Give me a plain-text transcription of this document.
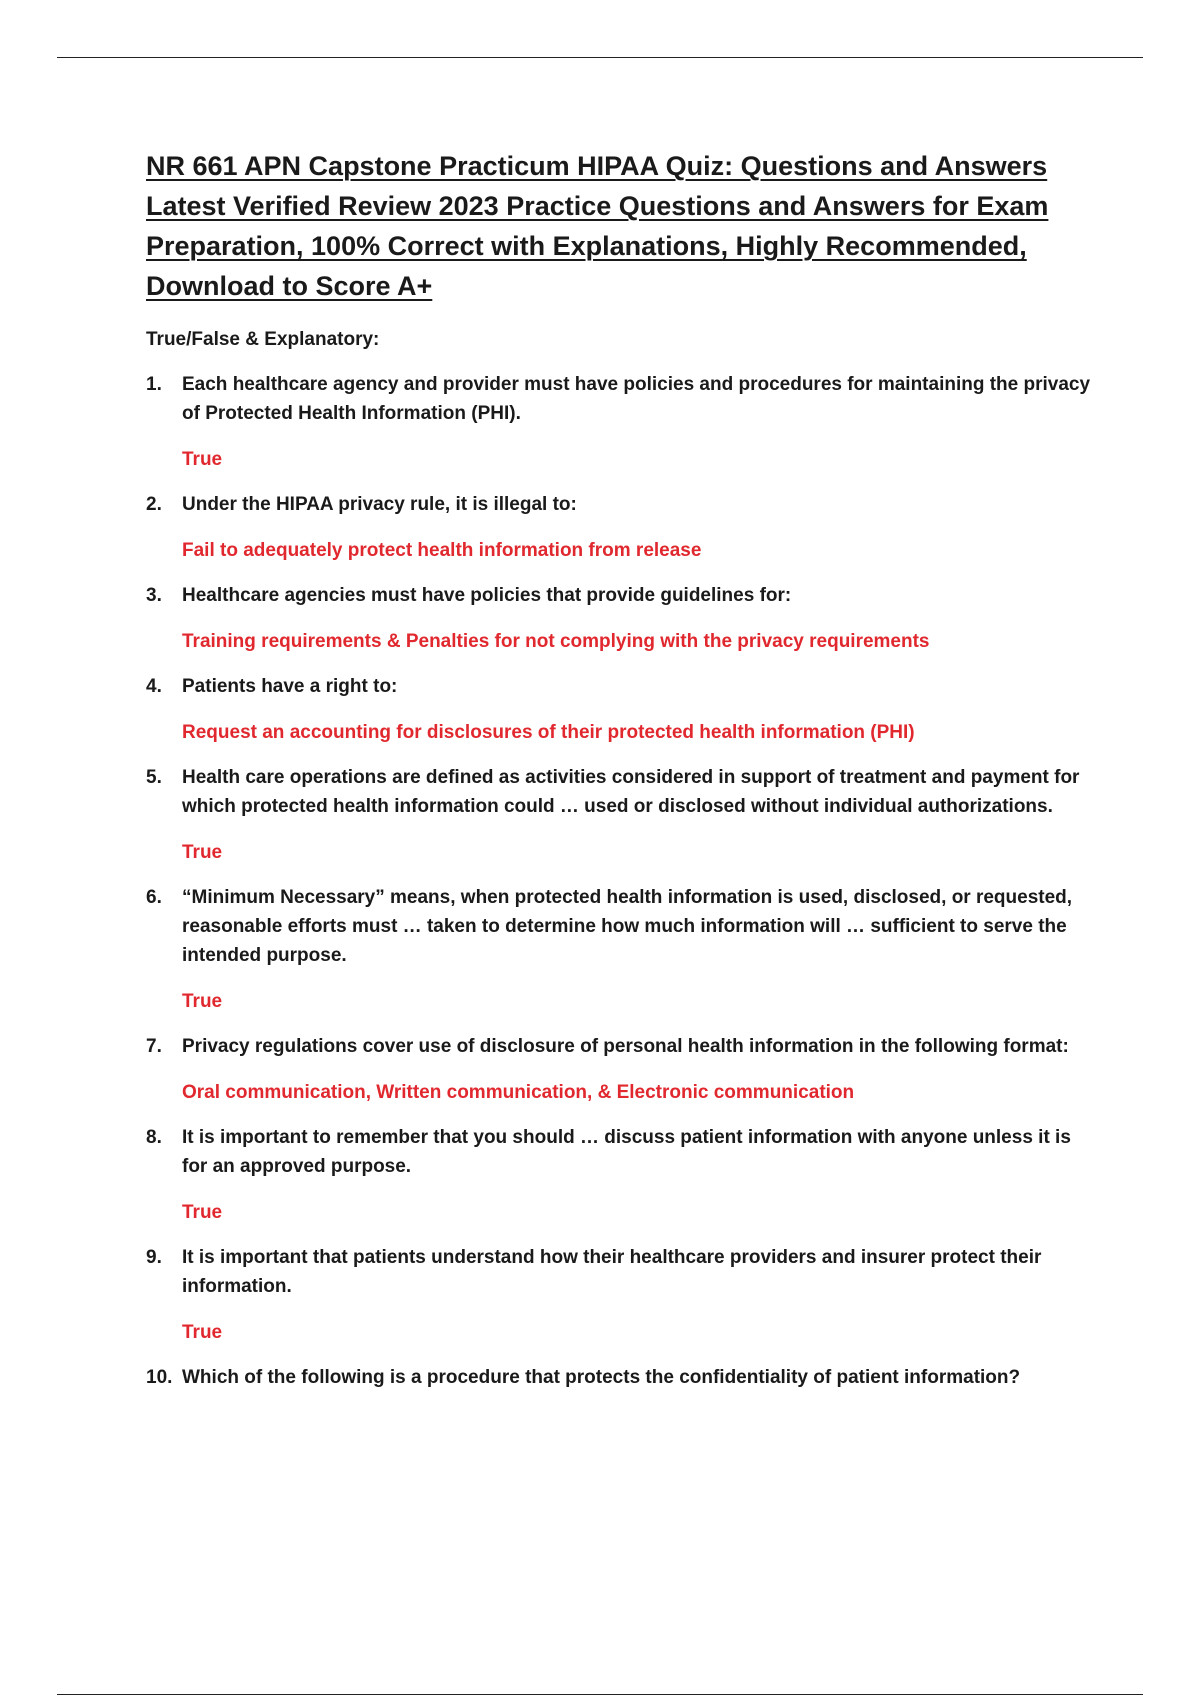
NR 661 APN Capstone Practicum HIPAA Quiz: Questions and Answers
Latest Verified Review 2023 Practice Questions and Answers for Exam
Preparation, 100% Correct with Explanations, Highly Recommended,
Download to Score A+
True/False & Explanatory:
1. Each healthcare agency and provider must have policies and procedures for maintaining the privacy of Protected Health Information (PHI).
True
2. Under the HIPAA privacy rule, it is illegal to:
Fail to adequately protect health information from release
3. Healthcare agencies must have policies that provide guidelines for:
Training requirements & Penalties for not complying with the privacy requirements
4. Patients have a right to:
Request an accounting for disclosures of their protected health information (PHI)
5. Health care operations are defined as activities considered in support of treatment and payment for which protected health information could … used or disclosed without individual authorizations.
True
6. “Minimum Necessary” means, when protected health information is used, disclosed, or requested, reasonable efforts must … taken to determine how much information will … sufficient to serve the intended purpose.
True
7. Privacy regulations cover use of disclosure of personal health information in the following format:
Oral communication, Written communication, & Electronic communication
8. It is important to remember that you should … discuss patient information with anyone unless it is for an approved purpose.
True
9. It is important that patients understand how their healthcare providers and insurer protect their information.
True
10. Which of the following is a procedure that protects the confidentiality of patient information?
